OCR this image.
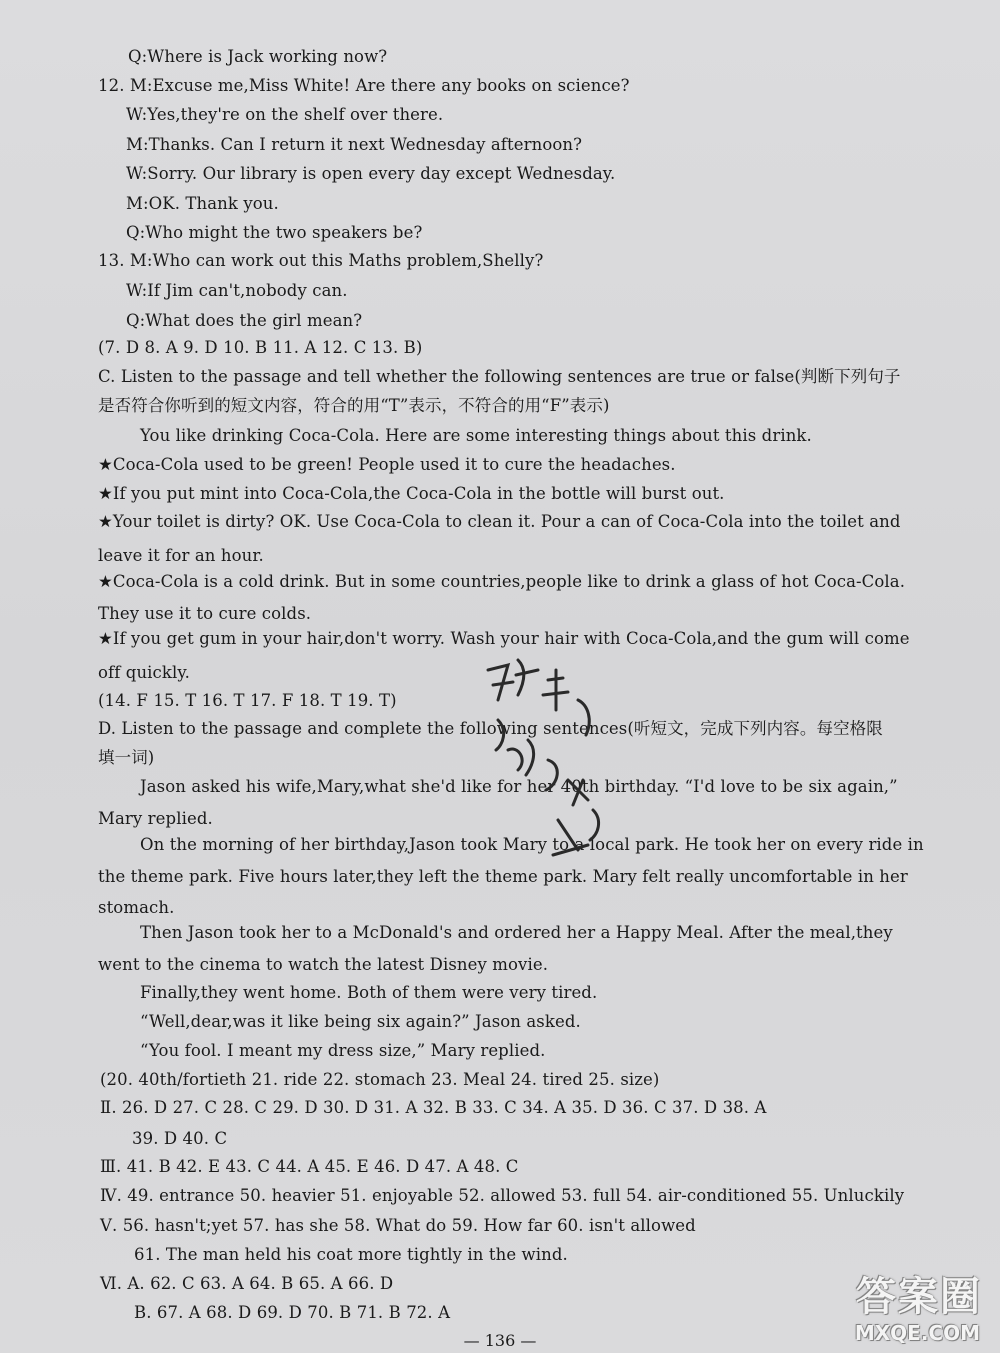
Q:Where is Jack working now?
12. M:Excuse me,Miss White! Are there any books on science?
W:Yes,they're on the shelf over there.
M:Thanks. Can I return it next Wednesday afternoon?
W:Sorry. Our library is open every day except Wednesday.
M:OK. Thank you.
Q:Who might the two speakers be?
13. M:Who can work out this Maths problem,Shelly?
W:If Jim can't,nobody can.
Q:What does the girl mean?
(7. D 8. A 9. D 10. B 11. A 12. C 13. B)
C. Listen to the passage and tell whether the following sentences are true or false(判断下列句子
是否符合你听到的短文内容，符合的用“T”表示，不符合的用“F”表示)
You like drinking Coca-Cola. Here are some interesting things about this drink.
★Coca-Cola used to be green! People used it to cure the headaches.
★If you put mint into Coca-Cola,the Coca-Cola in the bottle will burst out.
★Your toilet is dirty? OK. Use Coca-Cola to clean it. Pour a can of Coca-Cola into the toilet and
leave it for an hour.
★Coca-Cola is a cold drink. But in some countries,people like to drink a glass of hot Coca-Cola.
They use it to cure colds.
★If you get gum in your hair,don't worry. Wash your hair with Coca-Cola,and the gum will come
off quickly.
(14. F 15. T 16. T 17. F 18. T 19. T)
D. Listen to the passage and complete the following sentences(听短文，完成下列内容。每空格限
填一词)
Jason asked his wife,Mary,what she'd like for her 40th birthday. “I'd love to be six again,”
Mary replied.
On the morning of her birthday,Jason took Mary to a local park. He took her on every ride in
the theme park. Five hours later,they left the theme park. Mary felt really uncomfortable in her
stomach.
Then Jason took her to a McDonald's and ordered her a Happy Meal. After the meal,they
went to the cinema to watch the latest Disney movie.
Finally,they went home. Both of them were very tired.
“Well,dear,was it like being six again?” Jason asked.
“You fool. I meant my dress size,” Mary replied.
(20. 40th/fortieth 21. ride 22. stomach 23. Meal 24. tired 25. size)
Ⅱ. 26. D 27. C 28. C 29. D 30. D 31. A 32. B 33. C 34. A 35. D 36. C 37. D 38. A
39. D 40. C
Ⅲ. 41. B 42. E 43. C 44. A 45. E 46. D 47. A 48. C
Ⅳ. 49. entrance 50. heavier 51. enjoyable 52. allowed 53. full 54. air-conditioned 55. Unluckily
Ⅴ. 56. hasn't;yet 57. has she 58. What do 59. How far 60. isn't allowed
61. The man held his coat more tightly in the wind.
Ⅵ. A. 62. C 63. A 64. B 65. A 66. D
B. 67. A 68. D 69. D 70. B 71. B 72. A
— 136 —
答案圈
MXQE.COM
